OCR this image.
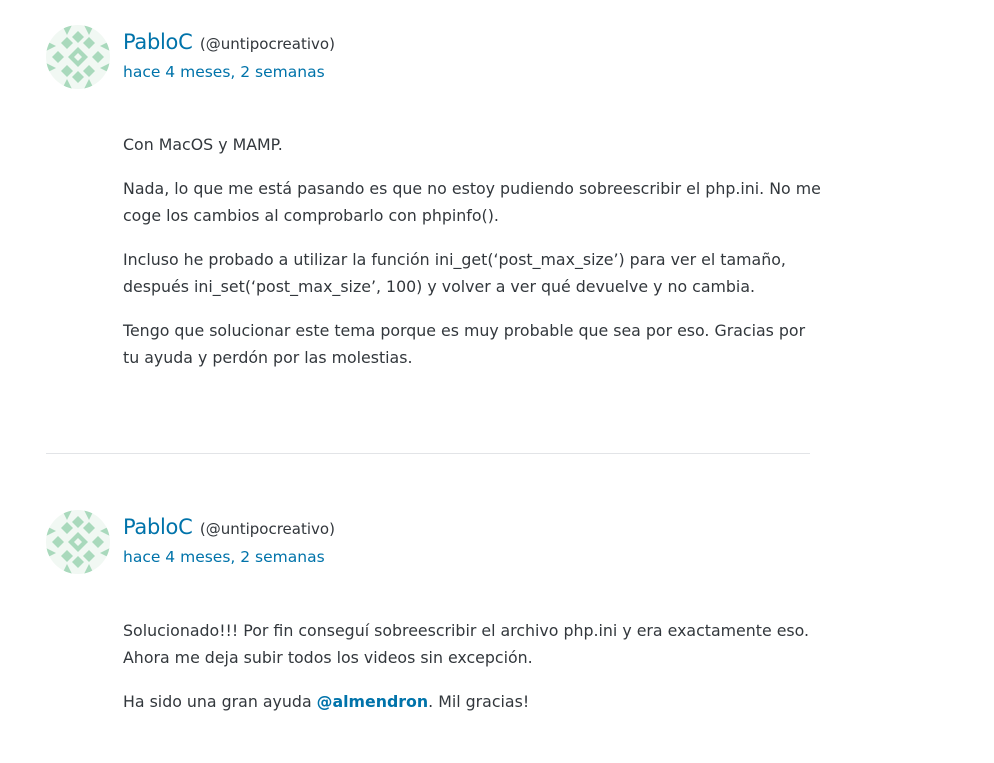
PabloC (@untipocreativo)
hace 4 meses, 2 semanas

Con MacOS y MAMP.

Nada, lo que me está pasando es que no estoy pudiendo sobreescribir el php.ini. No me coge los cambios al comprobarlo con phpinfo().

Incluso he probado a utilizar la función ini_get(‘post_max_size’) para ver el tamaño, después ini_set(‘post_max_size’, 100) y volver a ver qué devuelve y no cambia.

Tengo que solucionar este tema porque es muy probable que sea por eso. Gracias por tu ayuda y perdón por las molestias.

PabloC (@untipocreativo)
hace 4 meses, 2 semanas

Solucionado!!! Por fin conseguí sobreescribir el archivo php.ini y era exactamente eso. Ahora me deja subir todos los videos sin excepción.

Ha sido una gran ayuda @almendron. Mil gracias!
